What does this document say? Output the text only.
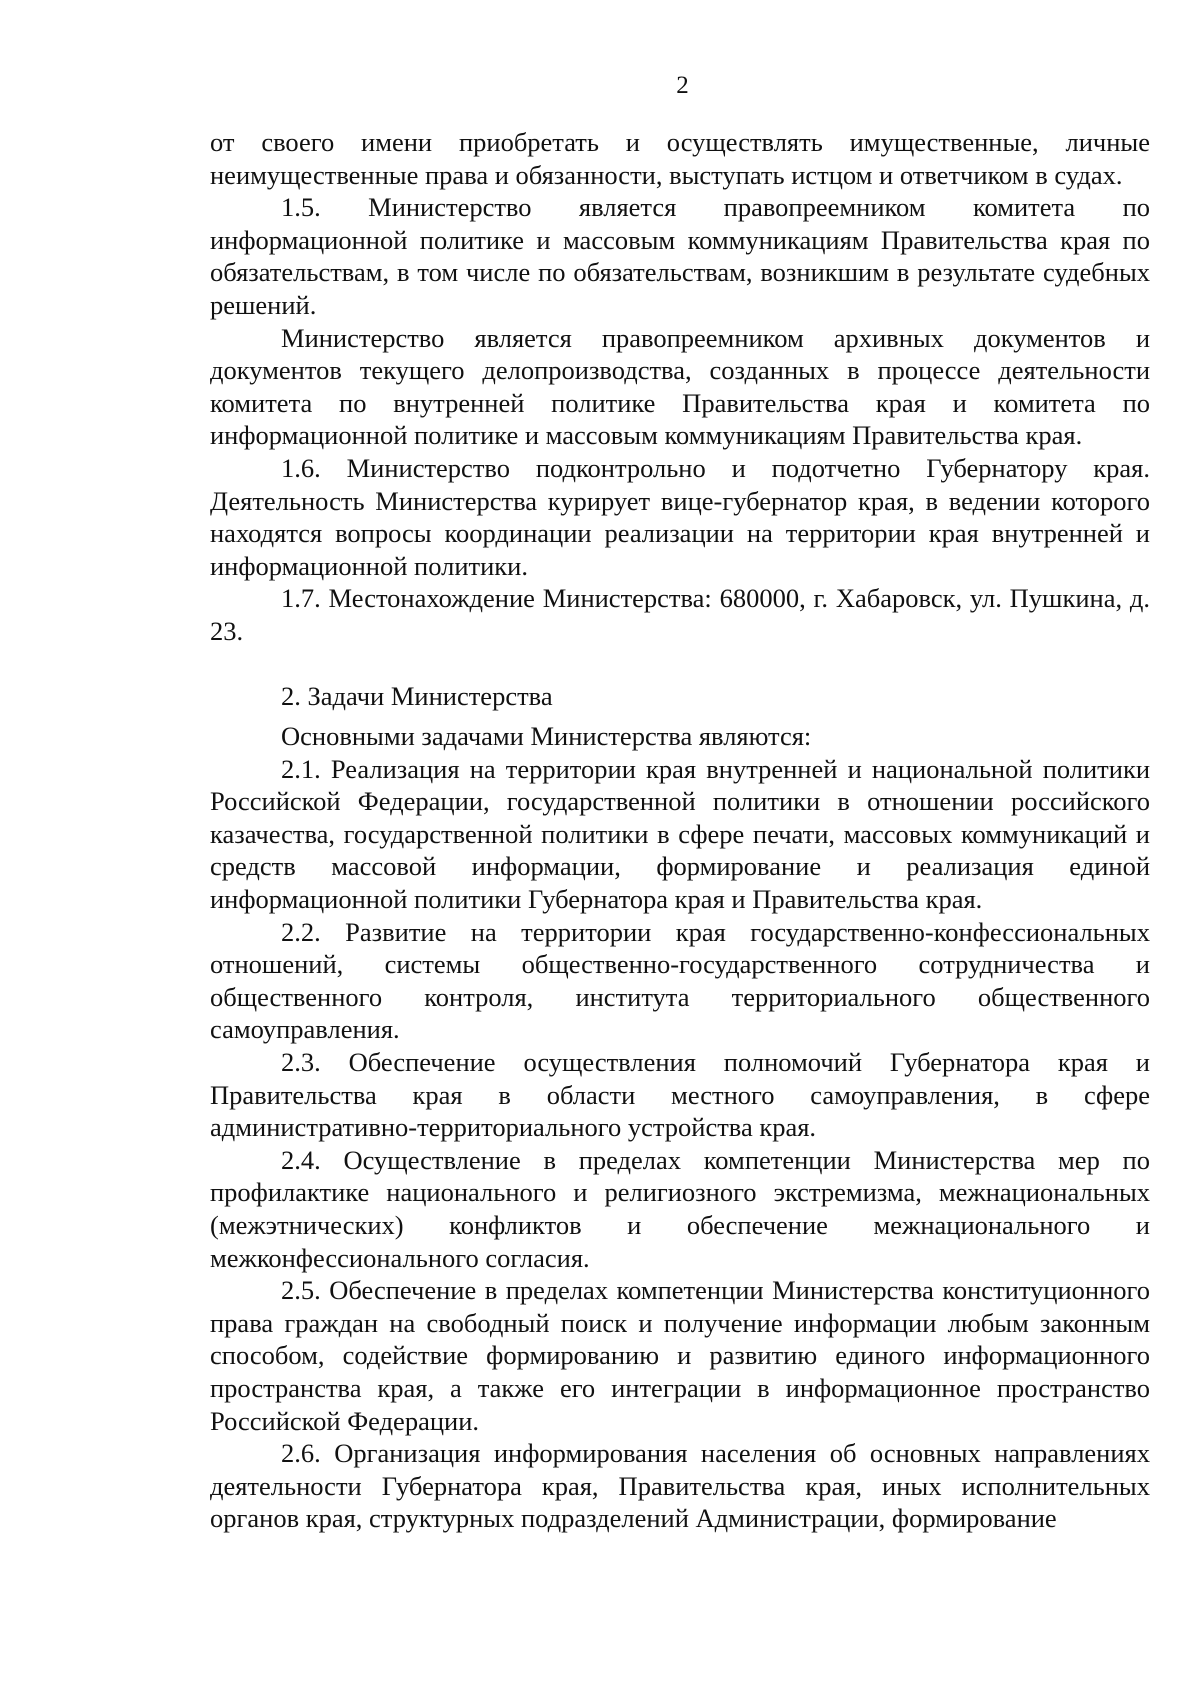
2

от своего имени приобретать и осуществлять имущественные, личные неимущественные права и обязанности, выступать истцом и ответчиком в судах.

1.5. Министерство является правопреемником комитета по информационной политике и массовым коммуникациям Правительства края по обязательствам, в том числе по обязательствам, возникшим в результате судебных решений.

Министерство является правопреемником архивных документов и документов текущего делопроизводства, созданных в процессе деятельности комитета по внутренней политике Правительства края и комитета по информационной политике и массовым коммуникациям Правительства края.

1.6. Министерство подконтрольно и подотчетно Губернатору края. Деятельность Министерства курирует вице-губернатор края, в ведении которого находятся вопросы координации реализации на территории края внутренней и информационной политики.

1.7. Местонахождение Министерства: 680000, г. Хабаровск, ул. Пушкина, д. 23.

2. Задачи Министерства

Основными задачами Министерства являются:

2.1. Реализация на территории края внутренней и национальной политики Российской Федерации, государственной политики в отношении российского казачества, государственной политики в сфере печати, массовых коммуникаций и средств массовой информации, формирование и реализация единой информационной политики Губернатора края и Правительства края.

2.2. Развитие на территории края государственно-конфессиональных отношений, системы общественно-государственного сотрудничества и общественного контроля, института территориального общественного самоуправления.

2.3. Обеспечение осуществления полномочий Губернатора края и Правительства края в области местного самоуправления, в сфере административно-территориального устройства края.

2.4. Осуществление в пределах компетенции Министерства мер по профилактике национального и религиозного экстремизма, межнациональных (межэтнических) конфликтов и обеспечение межнационального и межконфессионального согласия.

2.5. Обеспечение в пределах компетенции Министерства конституционного права граждан на свободный поиск и получение информации любым законным способом, содействие формированию и развитию единого информационного пространства края, а также его интеграции в информационное пространство Российской Федерации.

2.6. Организация информирования населения об основных направлениях деятельности Губернатора края, Правительства края, иных исполнительных органов края, структурных подразделений Администрации, формирование
